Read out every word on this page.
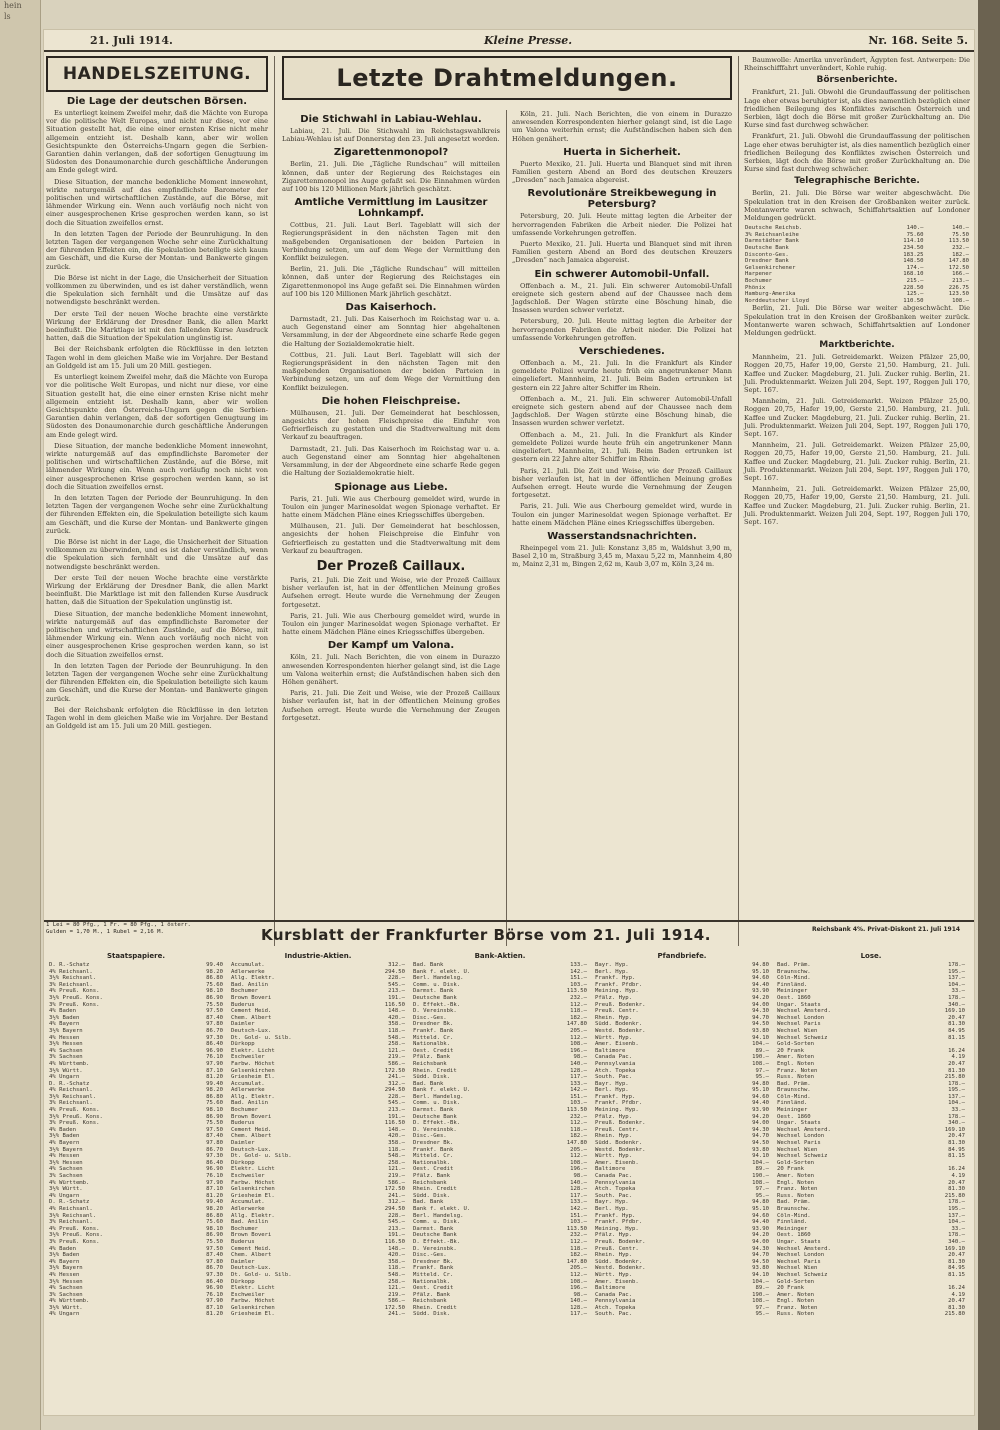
hein
ls

21. Juli 1914.	Kleine Presse.	Nr. 168. Seite 5.
HANDELSZEITUNG.
Die Lage der deutschen Börsen.

Es unterliegt keinem Zweifel mehr, daß die Mächte von Europa vor die politische Welt Europas, und nicht nur diese, vor eine Situation gestellt hat, die eine einer ernsten Krise nicht mehr allgemein entzieht ist. Deshalb kann, aber wir wollen Gesichtspunkte den Österreichs-Ungarn gegen die Serbien-Garantien dahin verlangen, daß der sofortigen Genugtuung im Südosten des Donaumonarchie durch geschäftliche Änderungen am Ende gelegt wird.

Diese Situation, der manche bedenkliche Moment innewohnt, wirkte naturgemäß auf das empfindlichste Barometer der politischen und wirtschaftlichen Zustände, auf die Börse, mit lähmender Wirkung ein. Wenn auch vorläufig noch nicht von einer ausgesprochenen Krise gesprochen werden kann, so ist doch die Situation zweifellos ernst.

In den letzten Tagen der Periode der Beunruhigung. In den letzten Tagen der vergangenen Woche sehr eine Zurückhaltung der führenden Effekten ein, die Spekulation beteiligte sich kaum am Geschäft, und die Kurse der Montan- und Bankwerte gingen zurück.

Die Börse ist nicht in der Lage, die Unsicherheit der Situation vollkommen zu überwinden, und es ist daher verständlich, wenn die Spekulation sich fernhält und die Umsätze auf das notwendigste beschränkt werden.

Der erste Teil der neuen Woche brachte eine verstärkte Wirkung der Erklärung der Dresdner Bank, die allen Markt beeinflußt. Die Marktlage ist mit den fallenden Kurse Ausdruck hatten, daß die Situation der Spekulation ungünstig ist.

Bei der Reichsbank erfolgten die Rückflüsse in den letzten Tagen wohl in dem gleichen Maße wie im Vorjahre. Der Bestand an Goldgeld ist am 15. Juli um 20 Mill. gestiegen.

Es unterliegt keinem Zweifel mehr, daß die Mächte von Europa vor die politische Welt Europas, und nicht nur diese, vor eine Situation gestellt hat, die eine einer ernsten Krise nicht mehr allgemein entzieht ist. Deshalb kann, aber wir wollen Gesichtspunkte den Österreichs-Ungarn gegen die Serbien-Garantien dahin verlangen, daß der sofortigen Genugtuung im Südosten des Donaumonarchie durch geschäftliche Änderungen am Ende gelegt wird.

Diese Situation, der manche bedenkliche Moment innewohnt, wirkte naturgemäß auf das empfindlichste Barometer der politischen und wirtschaftlichen Zustände, auf die Börse, mit lähmender Wirkung ein. Wenn auch vorläufig noch nicht von einer ausgesprochenen Krise gesprochen werden kann, so ist doch die Situation zweifellos ernst.

In den letzten Tagen der Periode der Beunruhigung. In den letzten Tagen der vergangenen Woche sehr eine Zurückhaltung der führenden Effekten ein, die Spekulation beteiligte sich kaum am Geschäft, und die Kurse der Montan- und Bankwerte gingen zurück.

Die Börse ist nicht in der Lage, die Unsicherheit der Situation vollkommen zu überwinden, und es ist daher verständlich, wenn die Spekulation sich fernhält und die Umsätze auf das notwendigste beschränkt werden.

Der erste Teil der neuen Woche brachte eine verstärkte Wirkung der Erklärung der Dresdner Bank, die allen Markt beeinflußt. Die Marktlage ist mit den fallenden Kurse Ausdruck hatten, daß die Situation der Spekulation ungünstig ist.

Diese Situation, der manche bedenkliche Moment innewohnt, wirkte naturgemäß auf das empfindlichste Barometer der politischen und wirtschaftlichen Zustände, auf die Börse, mit lähmender Wirkung ein. Wenn auch vorläufig noch nicht von einer ausgesprochenen Krise gesprochen werden kann, so ist doch die Situation zweifellos ernst.

In den letzten Tagen der Periode der Beunruhigung. In den letzten Tagen der vergangenen Woche sehr eine Zurückhaltung der führenden Effekten ein, die Spekulation beteiligte sich kaum am Geschäft, und die Kurse der Montan- und Bankwerte gingen zurück.

Bei der Reichsbank erfolgten die Rückflüsse in den letzten Tagen wohl in dem gleichen Maße wie im Vorjahre. Der Bestand an Goldgeld ist am 15. Juli um 20 Mill. gestiegen.

Letzte Drahtmeldungen.
Die Stichwahl in Labiau-Wehlau.

Labiau, 21. Juli. Die Stichwahl im Reichstagswahlkreis Labiau-Wehlau ist auf Donnerstag den 23. Juli angesetzt worden.

Zigarettenmonopol?

Berlin, 21. Juli. Die „Tägliche Rundschau“ will mitteilen können, daß unter der Regierung des Reichstages ein Zigarettenmonopol ins Auge gefaßt sei. Die Einnahmen würden auf 100 bis 120 Millionen Mark jährlich geschätzt.

Amtliche Vermittlung im Lausitzer Lohnkampf.

Cottbus, 21. Juli. Laut Berl. Tageblatt will sich der Regierungspräsident in den nächsten Tagen mit den maßgebenden Organisationen der beiden Parteien in Verbindung setzen, um auf dem Wege der Vermittlung den Konflikt beizulegen.

Berlin, 21. Juli. Die „Tägliche Rundschau“ will mitteilen können, daß unter der Regierung des Reichstages ein Zigarettenmonopol ins Auge gefaßt sei. Die Einnahmen würden auf 100 bis 120 Millionen Mark jährlich geschätzt.

Das Kaiserhoch.

Darmstadt, 21. Juli. Das Kaiserhoch im Reichstag war u. a. auch Gegenstand einer am Sonntag hier abgehaltenen Versammlung, in der der Abgeordnete eine scharfe Rede gegen die Haltung der Sozialdemokratie hielt.

Cottbus, 21. Juli. Laut Berl. Tageblatt will sich der Regierungspräsident in den nächsten Tagen mit den maßgebenden Organisationen der beiden Parteien in Verbindung setzen, um auf dem Wege der Vermittlung den Konflikt beizulegen.

Die hohen Fleischpreise.

Mülhausen, 21. Juli. Der Gemeinderat hat beschlossen, angesichts der hohen Fleischpreise die Einfuhr von Gefrierfleisch zu gestatten und die Stadtverwaltung mit dem Verkauf zu beauftragen.

Darmstadt, 21. Juli. Das Kaiserhoch im Reichstag war u. a. auch Gegenstand einer am Sonntag hier abgehaltenen Versammlung, in der der Abgeordnete eine scharfe Rede gegen die Haltung der Sozialdemokratie hielt.

Spionage aus Liebe.

Paris, 21. Juli. Wie aus Cherbourg gemeldet wird, wurde in Toulon ein junger Marinesoldat wegen Spionage verhaftet. Er hatte einem Mädchen Pläne eines Kriegsschiffes übergeben.

Mülhausen, 21. Juli. Der Gemeinderat hat beschlossen, angesichts der hohen Fleischpreise die Einfuhr von Gefrierfleisch zu gestatten und die Stadtverwaltung mit dem Verkauf zu beauftragen.

Der Prozeß Caillaux.

Paris, 21. Juli. Die Zeit und Weise, wie der Prozeß Caillaux bisher verlaufen ist, hat in der öffentlichen Meinung großes Aufsehen erregt. Heute wurde die Vernehmung der Zeugen fortgesetzt.

Paris, 21. Juli. Wie aus Cherbourg gemeldet wird, wurde in Toulon ein junger Marinesoldat wegen Spionage verhaftet. Er hatte einem Mädchen Pläne eines Kriegsschiffes übergeben.

Der Kampf um Valona.

Köln, 21. Juli. Nach Berichten, die von einem in Durazzo anwesenden Korrespondenten hierher gelangt sind, ist die Lage um Valona weiterhin ernst; die Aufständischen haben sich den Höhen genähert.

Paris, 21. Juli. Die Zeit und Weise, wie der Prozeß Caillaux bisher verlaufen ist, hat in der öffentlichen Meinung großes Aufsehen erregt. Heute wurde die Vernehmung der Zeugen fortgesetzt.

Köln, 21. Juli. Nach Berichten, die von einem in Durazzo anwesenden Korrespondenten hierher gelangt sind, ist die Lage um Valona weiterhin ernst; die Aufständischen haben sich den Höhen genähert.

Huerta in Sicherheit.

Puerto Mexiko, 21. Juli. Huerta und Blanquet sind mit ihren Familien gestern Abend an Bord des deutschen Kreuzers „Dresden“ nach Jamaica abgereist.

Revolutionäre Streikbewegung in Petersburg?

Petersburg, 20. Juli. Heute mittag legten die Arbeiter der hervorragenden Fabriken die Arbeit nieder. Die Polizei hat umfassende Vorkehrungen getroffen.

Puerto Mexiko, 21. Juli. Huerta und Blanquet sind mit ihren Familien gestern Abend an Bord des deutschen Kreuzers „Dresden“ nach Jamaica abgereist.

Ein schwerer Automobil-Unfall.

Offenbach a. M., 21. Juli. Ein schwerer Automobil-Unfall ereignete sich gestern abend auf der Chaussee nach dem Jagdschloß. Der Wagen stürzte eine Böschung hinab, die Insassen wurden schwer verletzt.

Petersburg, 20. Juli. Heute mittag legten die Arbeiter der hervorragenden Fabriken die Arbeit nieder. Die Polizei hat umfassende Vorkehrungen getroffen.

Verschiedenes.

Offenbach a. M., 21. Juli. In die Frankfurt als Kinder gemeldete Polizei wurde heute früh ein angetrunkener Mann eingeliefert. Mannheim, 21. Juli. Beim Baden ertrunken ist gestern ein 22 Jahre alter Schiffer im Rhein.

Offenbach a. M., 21. Juli. Ein schwerer Automobil-Unfall ereignete sich gestern abend auf der Chaussee nach dem Jagdschloß. Der Wagen stürzte eine Böschung hinab, die Insassen wurden schwer verletzt.

Offenbach a. M., 21. Juli. In die Frankfurt als Kinder gemeldete Polizei wurde heute früh ein angetrunkener Mann eingeliefert. Mannheim, 21. Juli. Beim Baden ertrunken ist gestern ein 22 Jahre alter Schiffer im Rhein.

Paris, 21. Juli. Die Zeit und Weise, wie der Prozeß Caillaux bisher verlaufen ist, hat in der öffentlichen Meinung großes Aufsehen erregt. Heute wurde die Vernehmung der Zeugen fortgesetzt.

Paris, 21. Juli. Wie aus Cherbourg gemeldet wird, wurde in Toulon ein junger Marinesoldat wegen Spionage verhaftet. Er hatte einem Mädchen Pläne eines Kriegsschiffes übergeben.

Wasserstandsnachrichten.

Rheinpegel vom 21. Juli: Konstanz 3,85 m, Waldshut 3,90 m, Basel 2,10 m, Straßburg 3,45 m, Maxau 5,22 m, Mannheim 4,80 m, Mainz 2,31 m, Bingen 2,62 m, Kaub 3,07 m, Köln 3,24 m.

Baumwolle: Amerika unverändert, Ägypten fest. Antwerpen: Die Rheinschifffahrt unverändert, Kohle ruhig.

Börsenberichte.

Frankfurt, 21. Juli. Obwohl die Grundauffassung der politischen Lage eher etwas beruhigter ist, als dies namentlich bezüglich einer friedlichen Beilegung des Konfliktes zwischen Österreich und Serbien, lägt doch die Börse mit großer Zurückhaltung an. Die Kurse sind fast durchweg schwächer.

Frankfurt, 21. Juli. Obwohl die Grundauffassung der politischen Lage eher etwas beruhigter ist, als dies namentlich bezüglich einer friedlichen Beilegung des Konfliktes zwischen Österreich und Serbien, lägt doch die Börse mit großer Zurückhaltung an. Die Kurse sind fast durchweg schwächer.

Telegraphische Berichte.

Berlin, 21. Juli. Die Börse war weiter abgeschwächt. Die Spekulation trat in den Kreisen der Großbanken weiter zurück. Montanwerte waren schwach, Schiffahrtsaktien auf Londoner Meldungen gedrückt.

Deutsche Reichsb.	140.—	140.—
3% Reichsanleihe	75.60	75.50
Darmstädter Bank	114.10	113.50
Deutsche Bank	234.50	232.—
Disconto-Ges.	183.25	182.—
Dresdner Bank	148.50	147.80
Gelsenkirchener	174.—	172.50
Harpener	168.10	166.—
Bochumer	215.—	213.—
Phönix	228.50	226.75
Hamburg-Amerika	125.—	123.50
Norddeutscher Lloyd	110.50	108.—

Berlin, 21. Juli. Die Börse war weiter abgeschwächt. Die Spekulation trat in den Kreisen der Großbanken weiter zurück. Montanwerte waren schwach, Schiffahrtsaktien auf Londoner Meldungen gedrückt.

Marktberichte.

Mannheim, 21. Juli. Getreidemarkt. Weizen Pfälzer 25,00, Roggen 20,75, Hafer 19,00, Gerste 21,50. Hamburg, 21. Juli. Kaffee und Zucker. Magdeburg, 21. Juli. Zucker ruhig. Berlin, 21. Juli. Produktenmarkt. Weizen Juli 204, Sept. 197, Roggen Juli 170, Sept. 167.

Mannheim, 21. Juli. Getreidemarkt. Weizen Pfälzer 25,00, Roggen 20,75, Hafer 19,00, Gerste 21,50. Hamburg, 21. Juli. Kaffee und Zucker. Magdeburg, 21. Juli. Zucker ruhig. Berlin, 21. Juli. Produktenmarkt. Weizen Juli 204, Sept. 197, Roggen Juli 170, Sept. 167.

Mannheim, 21. Juli. Getreidemarkt. Weizen Pfälzer 25,00, Roggen 20,75, Hafer 19,00, Gerste 21,50. Hamburg, 21. Juli. Kaffee und Zucker. Magdeburg, 21. Juli. Zucker ruhig. Berlin, 21. Juli. Produktenmarkt. Weizen Juli 204, Sept. 197, Roggen Juli 170, Sept. 167.

Mannheim, 21. Juli. Getreidemarkt. Weizen Pfälzer 25,00, Roggen 20,75, Hafer 19,00, Gerste 21,50. Hamburg, 21. Juli. Kaffee und Zucker. Magdeburg, 21. Juli. Zucker ruhig. Berlin, 21. Juli. Produktenmarkt. Weizen Juli 204, Sept. 197, Roggen Juli 170, Sept. 167.

1 Lei = 80 Pfg., 1 Fr. = 80 Pfg., 1 österr. Gulden = 1,70 M., 1 Rubel = 2,16 M.	Kursblatt der Frankfurter Börse vom 21. Juli 1914.	Reichsbank 4%. Privat-Diskont 21. Juli 1914
Staatspapiere.
D. R.-Schatz	99.40
4% Reichsanl.	98.20
3½% Reichsanl.	86.80
3% Reichsanl.	75.60
4% Preuß. Kons.	98.10
3½% Preuß. Kons.	86.90
3% Preuß. Kons.	75.50
4% Baden	97.50
3½% Baden	87.40
4% Bayern	97.80
3½% Bayern	86.70
4% Hessen	97.30
3½% Hessen	86.40
4% Sachsen	96.90
3% Sachsen	76.10
4% Württemb.	97.90
3½% Württ.	87.10
4% Ungarn	81.20
D. R.-Schatz	99.40
4% Reichsanl.	98.20
3½% Reichsanl.	86.80
3% Reichsanl.	75.60
4% Preuß. Kons.	98.10
3½% Preuß. Kons.	86.90
3% Preuß. Kons.	75.50
4% Baden	97.50
3½% Baden	87.40
4% Bayern	97.80
3½% Bayern	86.70
4% Hessen	97.30
3½% Hessen	86.40
4% Sachsen	96.90
3% Sachsen	76.10
4% Württemb.	97.90
3½% Württ.	87.10
4% Ungarn	81.20
D. R.-Schatz	99.40
4% Reichsanl.	98.20
3½% Reichsanl.	86.80
3% Reichsanl.	75.60
4% Preuß. Kons.	98.10
3½% Preuß. Kons.	86.90
3% Preuß. Kons.	75.50
4% Baden	97.50
3½% Baden	87.40
4% Bayern	97.80
3½% Bayern	86.70
4% Hessen	97.30
3½% Hessen	86.40
4% Sachsen	96.90
3% Sachsen	76.10
4% Württemb.	97.90
3½% Württ.	87.10
4% Ungarn	81.20
Industrie-Aktien.
Accumulat.	312.—
Adlerwerke	294.50
Allg. Elektr.	228.—
Bad. Anilin	545.—
Bochumer	213.—
Brown Boveri	191.—
Buderus	116.50
Cement Heid.	148.—
Chem. Albert	420.—
Daimler	358.—
Deutsch-Lux.	118.—
Dt. Gold- u. Silb.	548.—
Dürkopp	258.—
Elektr. Licht	121.—
Eschweiler	219.—
Farbw. Höchst	586.—
Gelsenkirchen	172.50
Griesheim El.	241.—
Accumulat.	312.—
Adlerwerke	294.50
Allg. Elektr.	228.—
Bad. Anilin	545.—
Bochumer	213.—
Brown Boveri	191.—
Buderus	116.50
Cement Heid.	148.—
Chem. Albert	420.—
Daimler	358.—
Deutsch-Lux.	118.—
Dt. Gold- u. Silb.	548.—
Dürkopp	258.—
Elektr. Licht	121.—
Eschweiler	219.—
Farbw. Höchst	586.—
Gelsenkirchen	172.50
Griesheim El.	241.—
Accumulat.	312.—
Adlerwerke	294.50
Allg. Elektr.	228.—
Bad. Anilin	545.—
Bochumer	213.—
Brown Boveri	191.—
Buderus	116.50
Cement Heid.	148.—
Chem. Albert	420.—
Daimler	358.—
Deutsch-Lux.	118.—
Dt. Gold- u. Silb.	548.—
Dürkopp	258.—
Elektr. Licht	121.—
Eschweiler	219.—
Farbw. Höchst	586.—
Gelsenkirchen	172.50
Griesheim El.	241.—
Bank-Aktien.
Bad. Bank	133.—
Bank f. elekt. U.	142.—
Berl. Handelsg.	151.—
Comm. u. Disk.	103.—
Darmst. Bank	113.50
Deutsche Bank	232.—
D. Effekt.-Bk.	112.—
D. Vereinsbk.	118.—
Disc.-Ges.	182.—
Dresdner Bk.	147.80
Frankf. Bank	205.—
Mitteld. Cr.	112.—
Nationalbk.	108.—
Oest. Credit	196.—
Pfälz. Bank	98.—
Reichsbank	140.—
Rhein. Credit	128.—
Südd. Disk.	117.—
Bad. Bank	133.—
Bank f. elekt. U.	142.—
Berl. Handelsg.	151.—
Comm. u. Disk.	103.—
Darmst. Bank	113.50
Deutsche Bank	232.—
D. Effekt.-Bk.	112.—
D. Vereinsbk.	118.—
Disc.-Ges.	182.—
Dresdner Bk.	147.80
Frankf. Bank	205.—
Mitteld. Cr.	112.—
Nationalbk.	108.—
Oest. Credit	196.—
Pfälz. Bank	98.—
Reichsbank	140.—
Rhein. Credit	128.—
Südd. Disk.	117.—
Bad. Bank	133.—
Bank f. elekt. U.	142.—
Berl. Handelsg.	151.—
Comm. u. Disk.	103.—
Darmst. Bank	113.50
Deutsche Bank	232.—
D. Effekt.-Bk.	112.—
D. Vereinsbk.	118.—
Disc.-Ges.	182.—
Dresdner Bk.	147.80
Frankf. Bank	205.—
Mitteld. Cr.	112.—
Nationalbk.	108.—
Oest. Credit	196.—
Pfälz. Bank	98.—
Reichsbank	140.—
Rhein. Credit	128.—
Südd. Disk.	117.—
Pfandbriefe.
Bayr. Hyp.	94.80
Berl. Hyp.	95.10
Frankf. Hyp.	94.60
Frankf. Pfdbr.	94.40
Meining. Hyp.	93.90
Pfälz. Hyp.	94.20
Preuß. Bodenkr.	94.00
Preuß. Centr.	94.30
Rhein. Hyp.	94.70
Südd. Bodenkr.	94.50
Westd. Bodenkr.	93.80
Württ. Hyp.	94.10
Amer. Eisenb.	104.—
Baltimore	89.—
Canada Pac.	190.—
Pennsylvania	108.—
Atch. Topeka	97.—
South. Pac.	95.—
Bayr. Hyp.	94.80
Berl. Hyp.	95.10
Frankf. Hyp.	94.60
Frankf. Pfdbr.	94.40
Meining. Hyp.	93.90
Pfälz. Hyp.	94.20
Preuß. Bodenkr.	94.00
Preuß. Centr.	94.30
Rhein. Hyp.	94.70
Südd. Bodenkr.	94.50
Westd. Bodenkr.	93.80
Württ. Hyp.	94.10
Amer. Eisenb.	104.—
Baltimore	89.—
Canada Pac.	190.—
Pennsylvania	108.—
Atch. Topeka	97.—
South. Pac.	95.—
Bayr. Hyp.	94.80
Berl. Hyp.	95.10
Frankf. Hyp.	94.60
Frankf. Pfdbr.	94.40
Meining. Hyp.	93.90
Pfälz. Hyp.	94.20
Preuß. Bodenkr.	94.00
Preuß. Centr.	94.30
Rhein. Hyp.	94.70
Südd. Bodenkr.	94.50
Westd. Bodenkr.	93.80
Württ. Hyp.	94.10
Amer. Eisenb.	104.—
Baltimore	89.—
Canada Pac.	190.—
Pennsylvania	108.—
Atch. Topeka	97.—
South. Pac.	95.—
Lose.
Bad. Präm.	178.—
Braunschw.	195.—
Cöln-Mind.	137.—
Finnländ.	104.—
Meininger	33.—
Oest. 1860	178.—
Ungar. Staats	340.—
Wechsel Amsterd.	169.10
Wechsel London	20.47
Wechsel Paris	81.30
Wechsel Wien	84.95
Wechsel Schweiz	81.15
Gold-Sorten	
20 Frank	16.24
Amer. Noten	4.19
Engl. Noten	20.47
Franz. Noten	81.30
Russ. Noten	215.80
Bad. Präm.	178.—
Braunschw.	195.—
Cöln-Mind.	137.—
Finnländ.	104.—
Meininger	33.—
Oest. 1860	178.—
Ungar. Staats	340.—
Wechsel Amsterd.	169.10
Wechsel London	20.47
Wechsel Paris	81.30
Wechsel Wien	84.95
Wechsel Schweiz	81.15
Gold-Sorten	
20 Frank	16.24
Amer. Noten	4.19
Engl. Noten	20.47
Franz. Noten	81.30
Russ. Noten	215.80
Bad. Präm.	178.—
Braunschw.	195.—
Cöln-Mind.	137.—
Finnländ.	104.—
Meininger	33.—
Oest. 1860	178.—
Ungar. Staats	340.—
Wechsel Amsterd.	169.10
Wechsel London	20.47
Wechsel Paris	81.30
Wechsel Wien	84.95
Wechsel Schweiz	81.15
Gold-Sorten	
20 Frank	16.24
Amer. Noten	4.19
Engl. Noten	20.47
Franz. Noten	81.30
Russ. Noten	215.80
